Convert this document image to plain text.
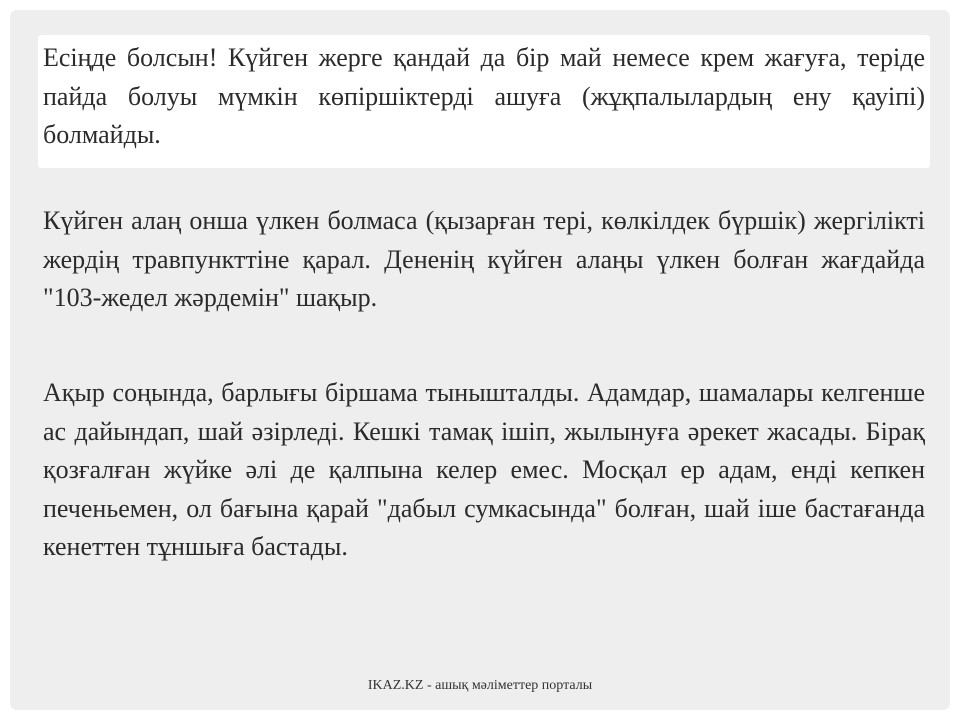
Есіңде болсын! Күйген жерге қандай да бір май немесе крем жағуға, теріде пайда болуы мүмкін көпіршіктерді ашуға (жұқпалылардың ену қауіпі) болмайды.

Күйген алаң онша үлкен болмаса (қызарған тері, көлкілдек бүршік) жергілікті жердің травпункттіне қарал. Дененің күйген алаңы үлкен болған жағдайда "103-жедел жәрдемін" шақыр.

Ақыр соңында, барлығы біршама тынышталды. Адамдар, шамалары келгенше ас дайындап, шай әзірледі. Кешкі тамақ ішіп, жылынуға әрекет жасады. Бірақ қозғалған жүйке әлі де қалпына келер емес. Мосқал ер адам, енді кепкен печеньемен, ол бағына қарай "дабыл сумкасында" болған, шай іше бастағанда кенеттен тұншыға бастады.

IKAZ.KZ - ашық мәліметтер порталы
